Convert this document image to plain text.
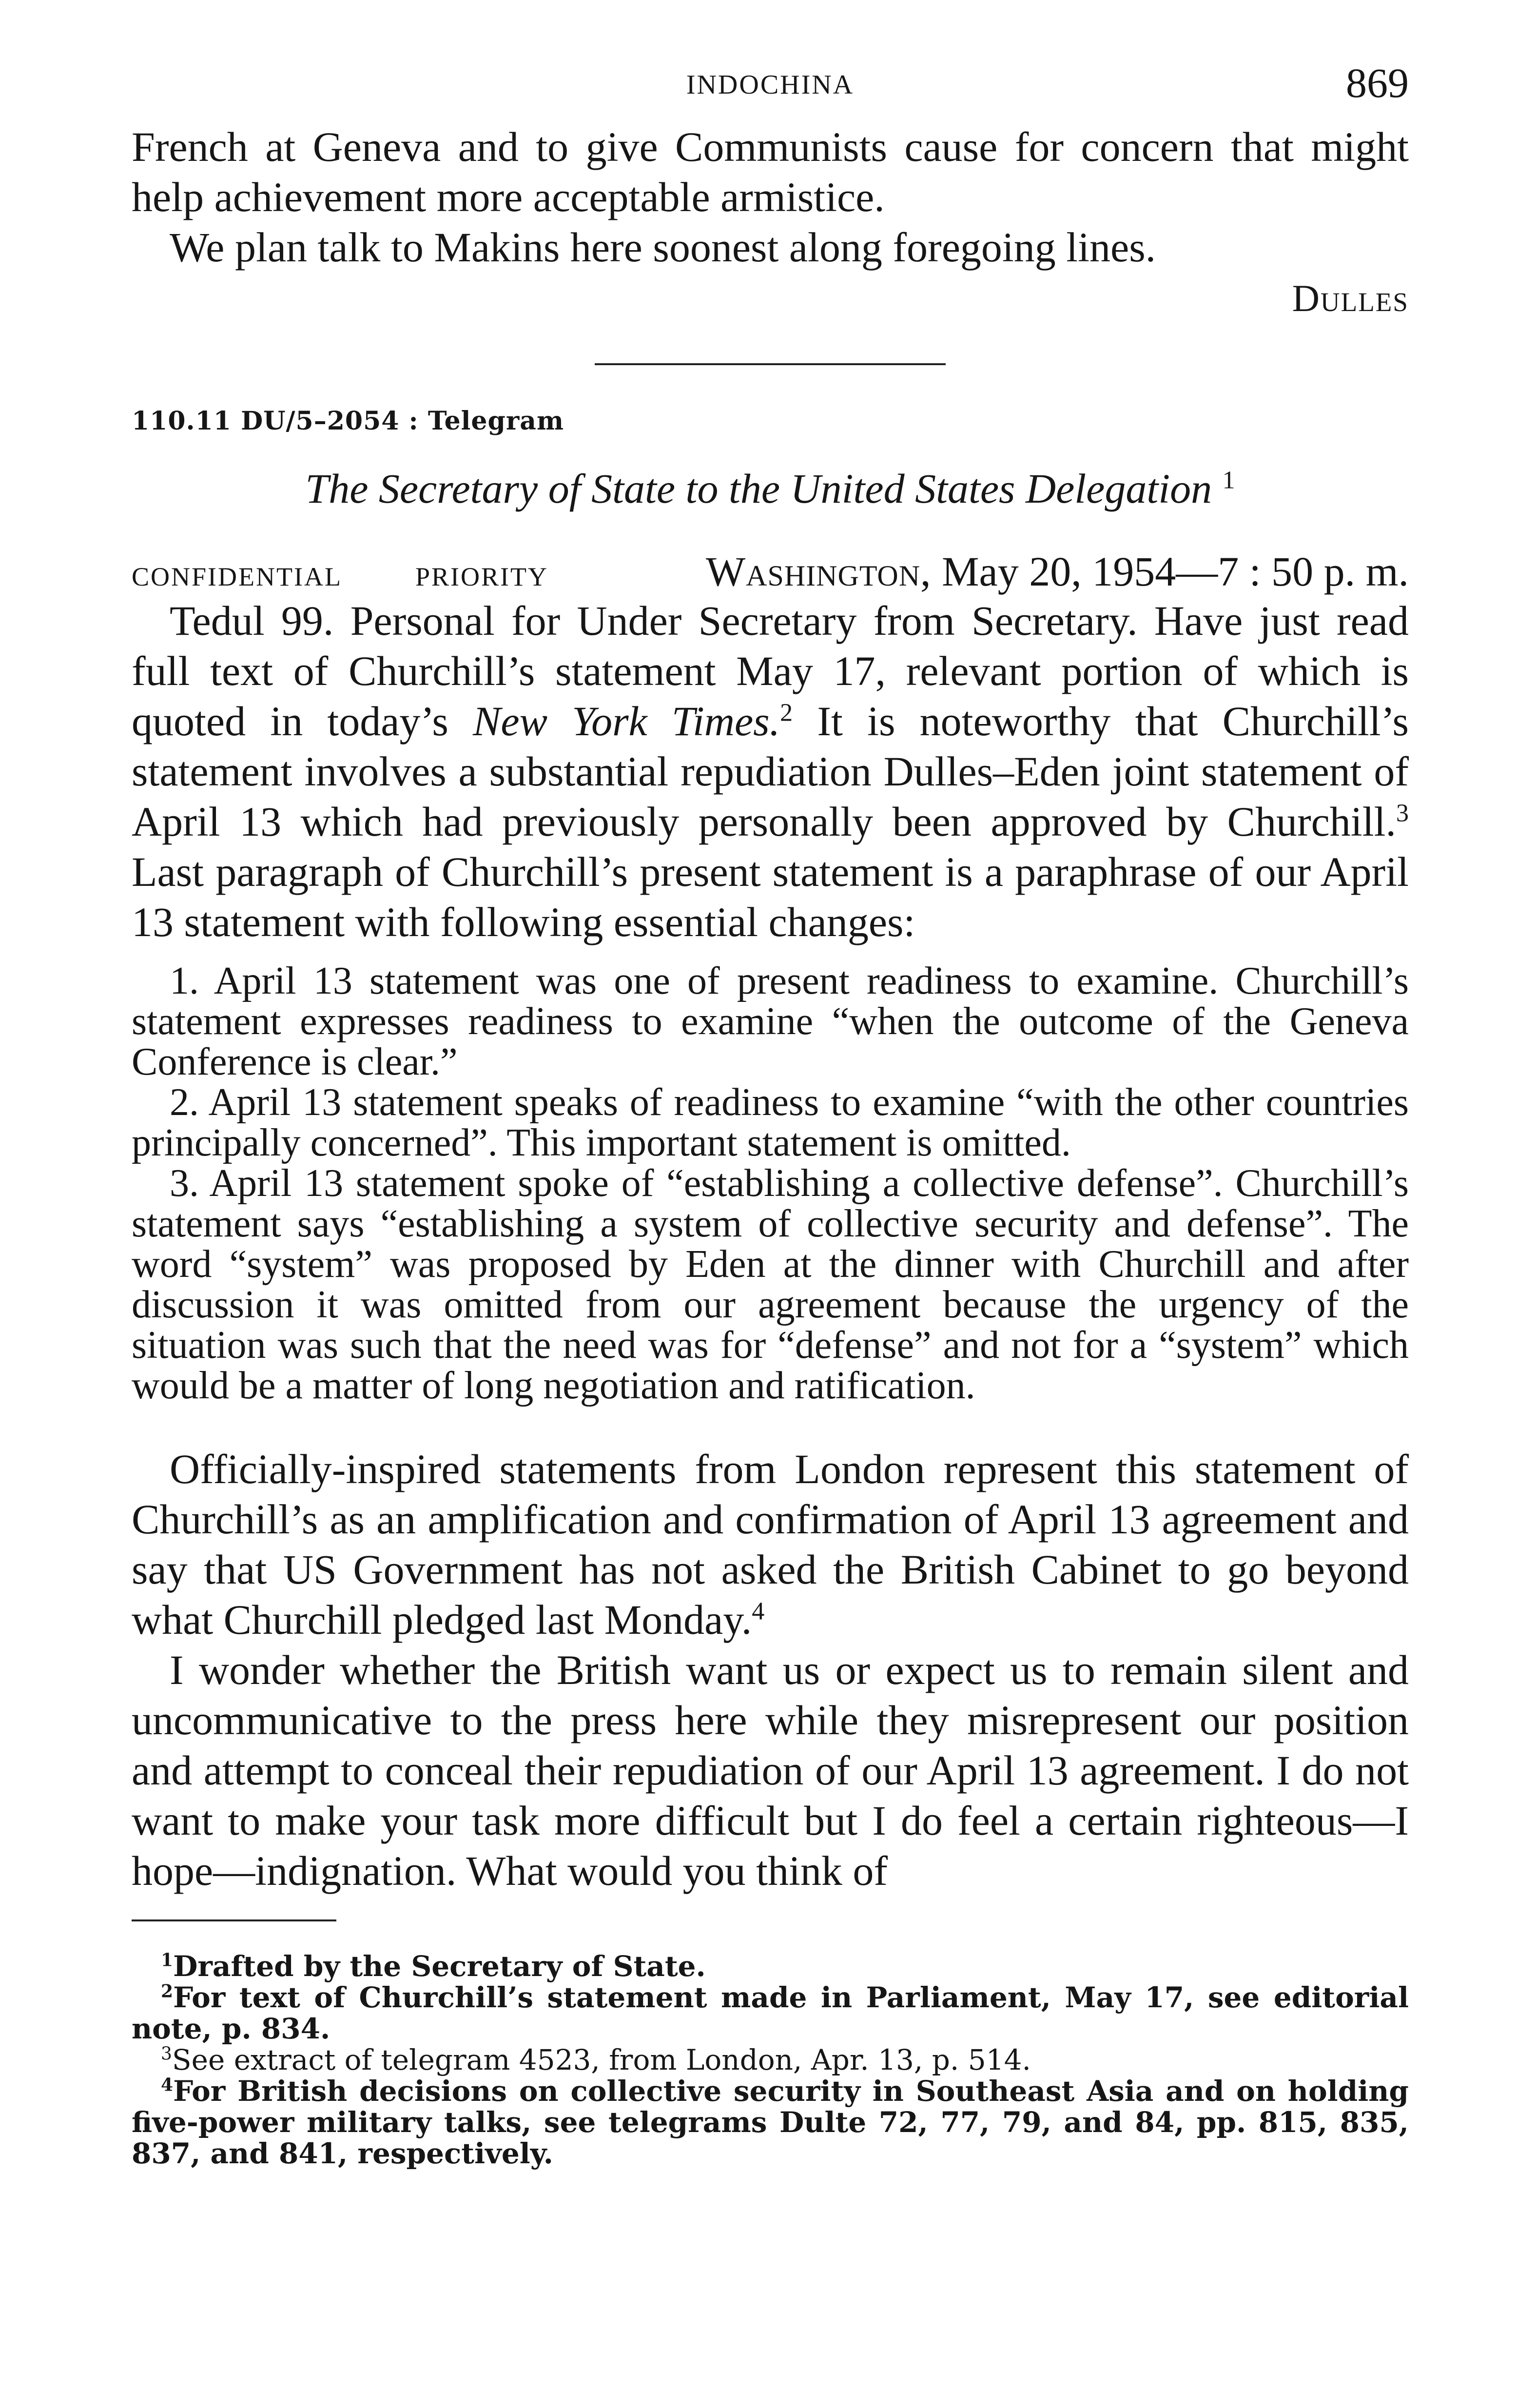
INDOCHINA	869

French at Geneva and to give Communists cause for concern that might help achievement more acceptable armistice.

We plan talk to Makins here soonest along foregoing lines.

Dulles
110.11 DU/5–2054 : Telegram
The Secretary of State to the United States Delegation $^1$
CONFIDENTIAL	PRIORITY	Washington, May 20, 1954—7 : 50 p. m.

Tedul 99. Personal for Under Secretary from Secretary. Have just read full text of Churchill’s statement May 17, relevant portion of which is quoted in today’s New York Times.$^2$ It is noteworthy that Churchill’s statement involves a substantial repudiation Dulles–Eden joint statement of April 13 which had previously personally been approved by Churchill.$^3$ Last paragraph of Churchill’s present statement is a paraphrase of our April 13 statement with following essential changes:

1. April 13 statement was one of present readiness to examine. Churchill’s statement expresses readiness to examine “when the outcome of the Geneva Conference is clear.”

2. April 13 statement speaks of readiness to examine “with the other countries principally concerned”. This important statement is omitted.

3. April 13 statement spoke of “establishing a collective defense”. Churchill’s statement says “establishing a system of collective security and defense”. The word “system” was proposed by Eden at the dinner with Churchill and after discussion it was omitted from our agreement because the urgency of the situation was such that the need was for “defense” and not for a “system” which would be a matter of long negotiation and ratification.

Officially-inspired statements from London represent this statement of Churchill’s as an amplification and confirmation of April 13 agreement and say that US Government has not asked the British Cabinet to go beyond what Churchill pledged last Monday.$^4$

I wonder whether the British want us or expect us to remain silent and uncommunicative to the press here while they misrepresent our position and attempt to conceal their repudiation of our April 13 agreement. I do not want to make your task more difficult but I do feel a certain righteous—I hope—indignation. What would you think of

$^1$Drafted by the Secretary of State.

$^2$For text of Churchill’s statement made in Parliament, May 17, see editorial note, p. 834.

$^3$See extract of telegram 4523, from London, Apr. 13, p. 514.

$^4$For British decisions on collective security in Southeast Asia and on holding five-power military talks, see telegrams Dulte 72, 77, 79, and 84, pp. 815, 835, 837, and 841, respectively.
